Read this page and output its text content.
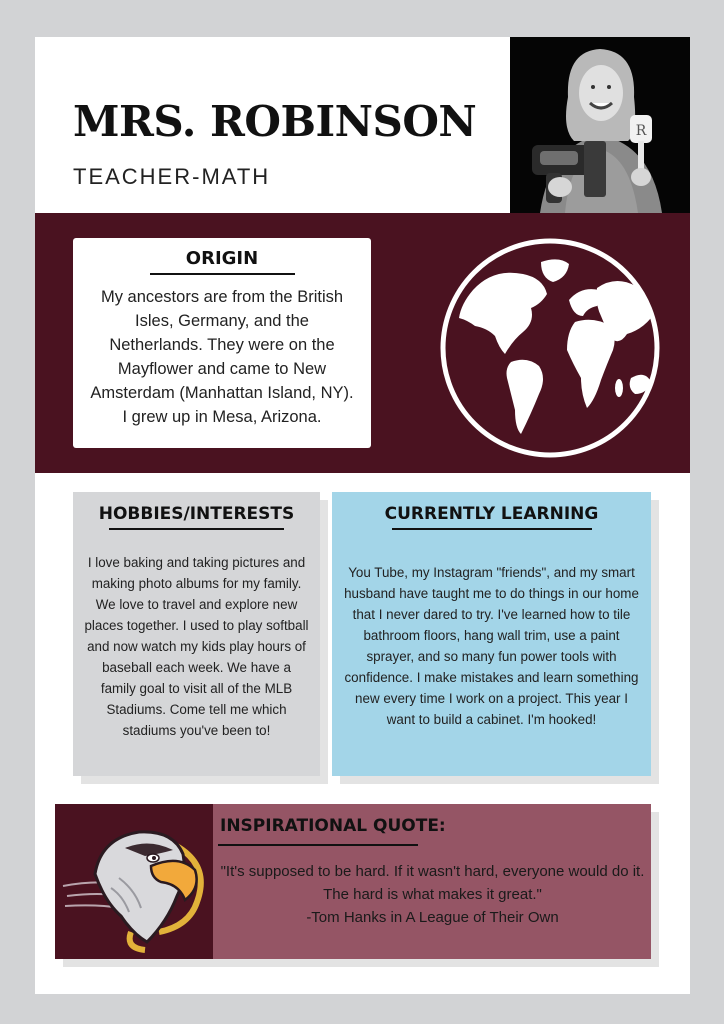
MRS. ROBINSON
TEACHER-MATH
R
ORIGIN
My ancestors are from the British Isles, Germany, and the Netherlands. They were on the Mayflower and came to New Amsterdam (Manhattan Island, NY). I grew up in Mesa, Arizona.
HOBBIES/INTERESTS
I love baking and taking pictures and making photo albums for my family. We love to travel and explore new places together. I used to play softball and now watch my kids play hours of baseball each week. We have a family goal to visit all of the MLB Stadiums. Come tell me which stadiums you've been to!
CURRENTLY LEARNING
You Tube, my Instagram "friends", and my smart husband have taught me to do things in our home that I never dared to try. I've learned how to tile bathroom floors, hang wall trim, use a paint sprayer, and so many fun power tools with confidence. I make mistakes and learn something new every time I work on a project. This year I want to build a cabinet. I'm hooked!
INSPIRATIONAL QUOTE:
"It's supposed to be hard. If it wasn't hard, everyone would do it. The hard is what makes it great."
-Tom Hanks in A League of Their Own
